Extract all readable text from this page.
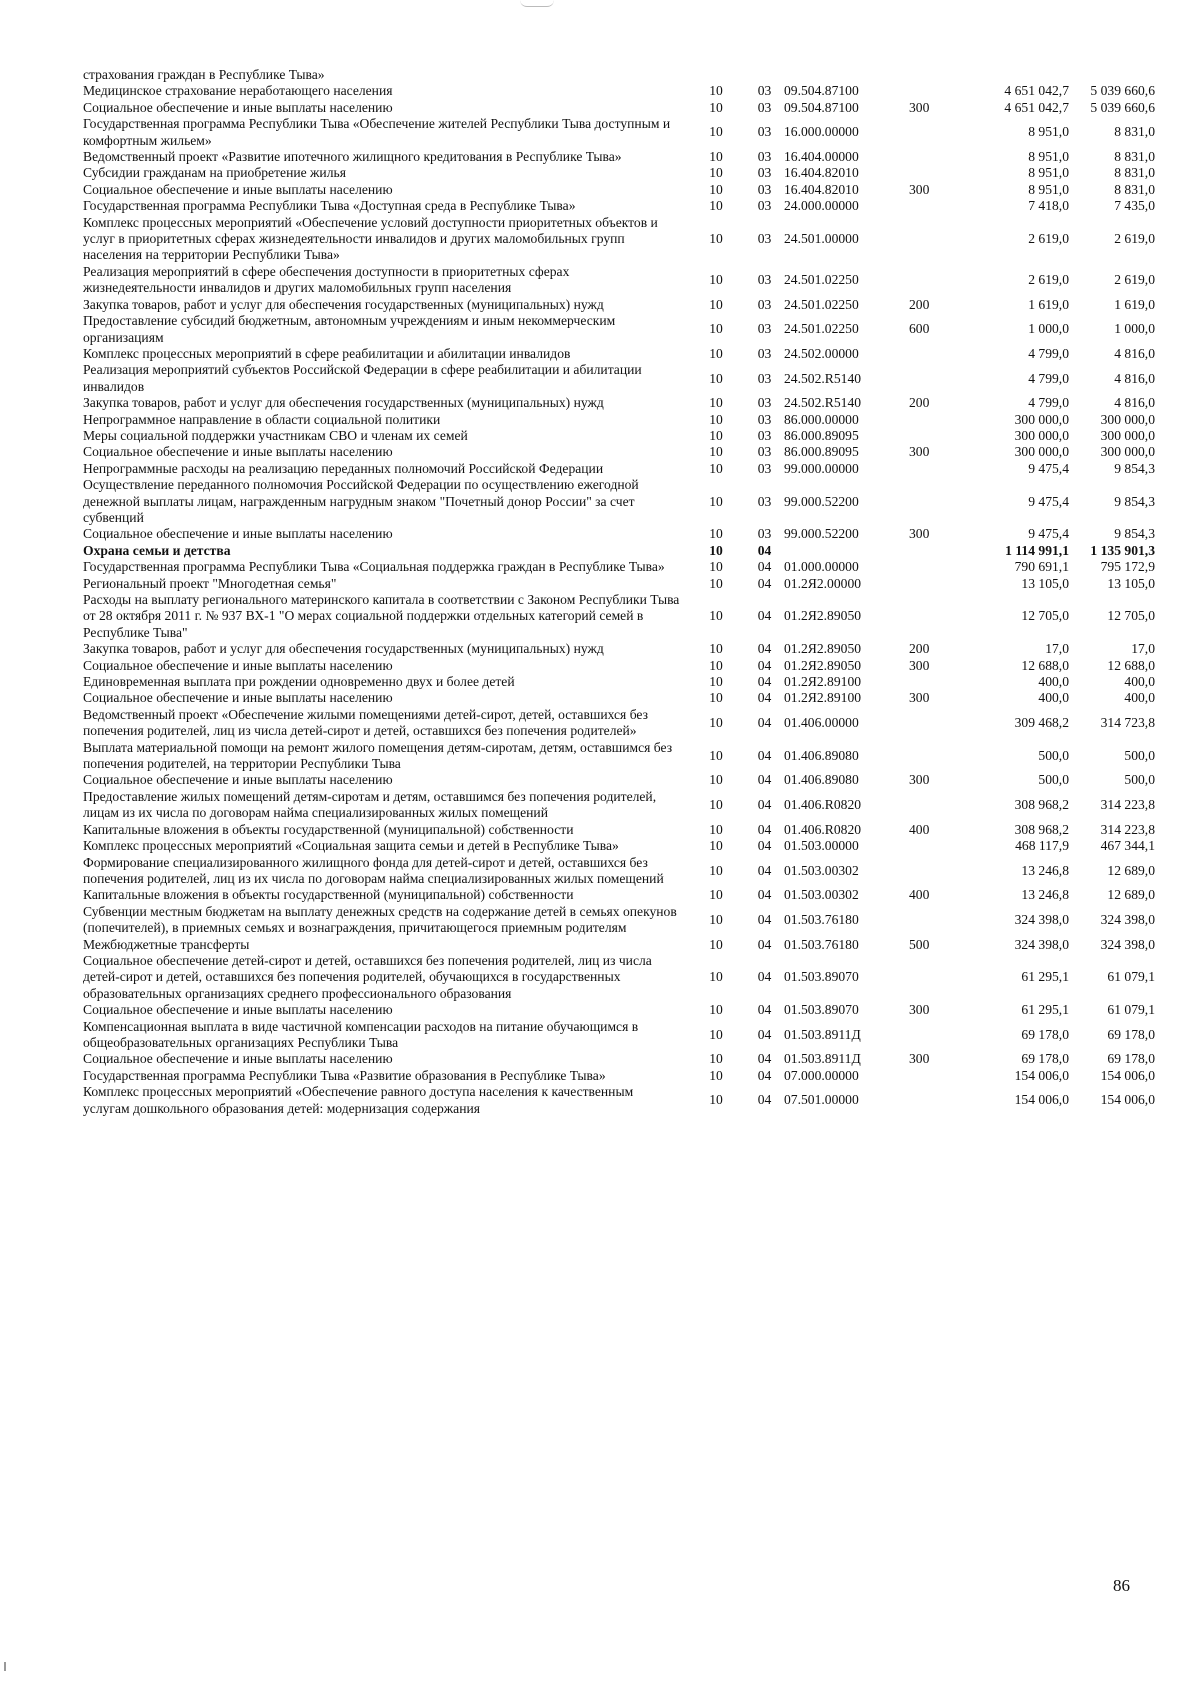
страхования граждан в Республике Тыва»						
Медицинское страхование неработающего населения	10	03	09.504.87100		4 651 042,7	5 039 660,6
Социальное обеспечение и иные выплаты населению	10	03	09.504.87100	300	4 651 042,7	5 039 660,6
Государственная программа Республики Тыва «Обеспечение жителей Республики Тыва доступным и комфортным жильем»	10	03	16.000.00000		8 951,0	8 831,0
Ведомственный проект «Развитие ипотечного жилищного кредитования в Республике Тыва»	10	03	16.404.00000		8 951,0	8 831,0
Субсидии гражданам на приобретение жилья	10	03	16.404.82010		8 951,0	8 831,0
Социальное обеспечение и иные выплаты населению	10	03	16.404.82010	300	8 951,0	8 831,0
Государственная программа Республики Тыва «Доступная среда в Республике Тыва»	10	03	24.000.00000		7 418,0	7 435,0
Комплекс процессных мероприятий «Обеспечение условий доступности приоритетных объектов и услуг в приоритетных сферах жизнедеятельности инвалидов и других маломобильных групп населения на территории Республики Тыва»	10	03	24.501.00000		2 619,0	2 619,0
Реализация мероприятий в сфере обеспечения доступности в приоритетных сферах жизнедеятельности инвалидов и других маломобильных групп населения	10	03	24.501.02250		2 619,0	2 619,0
Закупка товаров, работ и услуг для обеспечения государственных (муниципальных) нужд	10	03	24.501.02250	200	1 619,0	1 619,0
Предоставление субсидий бюджетным, автономным учреждениям и иным некоммерческим организациям	10	03	24.501.02250	600	1 000,0	1 000,0
Комплекс процессных мероприятий в сфере реабилитации и абилитации инвалидов	10	03	24.502.00000		4 799,0	4 816,0
Реализация мероприятий субъектов Российской Федерации в сфере реабилитации и абилитации инвалидов	10	03	24.502.R5140		4 799,0	4 816,0
Закупка товаров, работ и услуг для обеспечения государственных (муниципальных) нужд	10	03	24.502.R5140	200	4 799,0	4 816,0
Непрограммное направление в области социальной политики	10	03	86.000.00000		300 000,0	300 000,0
Меры социальной поддержки участникам СВО и членам их семей	10	03	86.000.89095		300 000,0	300 000,0
Социальное обеспечение и иные выплаты населению	10	03	86.000.89095	300	300 000,0	300 000,0
Непрограммные расходы на реализацию переданных полномочий Российской Федерации	10	03	99.000.00000		9 475,4	9 854,3
Осуществление переданного полномочия Российской Федерации по осуществлению ежегодной денежной выплаты лицам, награжденным нагрудным знаком "Почетный донор России" за счет субвенций	10	03	99.000.52200		9 475,4	9 854,3
Социальное обеспечение и иные выплаты населению	10	03	99.000.52200	300	9 475,4	9 854,3
Охрана семьи и детства	10	04			1 114 991,1	1 135 901,3
Государственная программа Республики Тыва «Социальная поддержка граждан в Республике Тыва»	10	04	01.000.00000		790 691,1	795 172,9
Региональный проект "Многодетная семья"	10	04	01.2Я2.00000		13 105,0	13 105,0
Расходы на выплату регионального материнского капитала в соответствии с Законом Республики Тыва от 28 октября 2011 г. № 937 ВХ-1 "О мерах социальной поддержки отдельных категорий семей в Республике Тыва"	10	04	01.2Я2.89050		12 705,0	12 705,0
Закупка товаров, работ и услуг для обеспечения государственных (муниципальных) нужд	10	04	01.2Я2.89050	200	17,0	17,0
Социальное обеспечение и иные выплаты населению	10	04	01.2Я2.89050	300	12 688,0	12 688,0
Единовременная выплата при рождении одновременно двух и более детей	10	04	01.2Я2.89100		400,0	400,0
Социальное обеспечение и иные выплаты населению	10	04	01.2Я2.89100	300	400,0	400,0
Ведомственный проект «Обеспечение жилыми помещениями детей-сирот, детей, оставшихся без попечения родителей, лиц из числа детей-сирот и детей, оставшихся без попечения родителей»	10	04	01.406.00000		309 468,2	314 723,8
Выплата материальной помощи на ремонт жилого помещения детям-сиротам, детям, оставшимся без попечения родителей, на территории Республики Тыва	10	04	01.406.89080		500,0	500,0
Социальное обеспечение и иные выплаты населению	10	04	01.406.89080	300	500,0	500,0
Предоставление жилых помещений детям-сиротам и детям, оставшимся без попечения родителей, лицам из их числа по договорам найма специализированных жилых помещений	10	04	01.406.R0820		308 968,2	314 223,8
Капитальные вложения в объекты государственной (муниципальной) собственности	10	04	01.406.R0820	400	308 968,2	314 223,8
Комплекс процессных мероприятий «Социальная защита семьи и детей в Республике Тыва»	10	04	01.503.00000		468 117,9	467 344,1
Формирование специализированного жилищного фонда для детей-сирот и детей, оставшихся без попечения родителей, лиц из их числа по договорам найма специализированных жилых помещений	10	04	01.503.00302		13 246,8	12 689,0
Капитальные вложения в объекты государственной (муниципальной) собственности	10	04	01.503.00302	400	13 246,8	12 689,0
Субвенции местным бюджетам на выплату денежных средств на содержание детей в семьях опекунов (попечителей), в приемных семьях и вознаграждения, причитающегося приемным родителям	10	04	01.503.76180		324 398,0	324 398,0
Межбюджетные трансферты	10	04	01.503.76180	500	324 398,0	324 398,0
Социальное обеспечение детей-сирот и детей, оставшихся без попечения родителей, лиц из числа детей-сирот и детей, оставшихся без попечения родителей, обучающихся в государственных образовательных организациях среднего профессионального образования	10	04	01.503.89070		61 295,1	61 079,1
Социальное обеспечение и иные выплаты населению	10	04	01.503.89070	300	61 295,1	61 079,1
Компенсационная выплата в виде частичной компенсации расходов на питание обучающимся в общеобразовательных организациях Республики Тыва	10	04	01.503.8911Д		69 178,0	69 178,0
Социальное обеспечение и иные выплаты населению	10	04	01.503.8911Д	300	69 178,0	69 178,0
Государственная программа Республики Тыва «Развитие образования в Республике Тыва»	10	04	07.000.00000		154 006,0	154 006,0
Комплекс процессных мероприятий «Обеспечение равного доступа населения к качественным услугам дошкольного образования детей: модернизация содержания	10	04	07.501.00000		154 006,0	154 006,0
86
